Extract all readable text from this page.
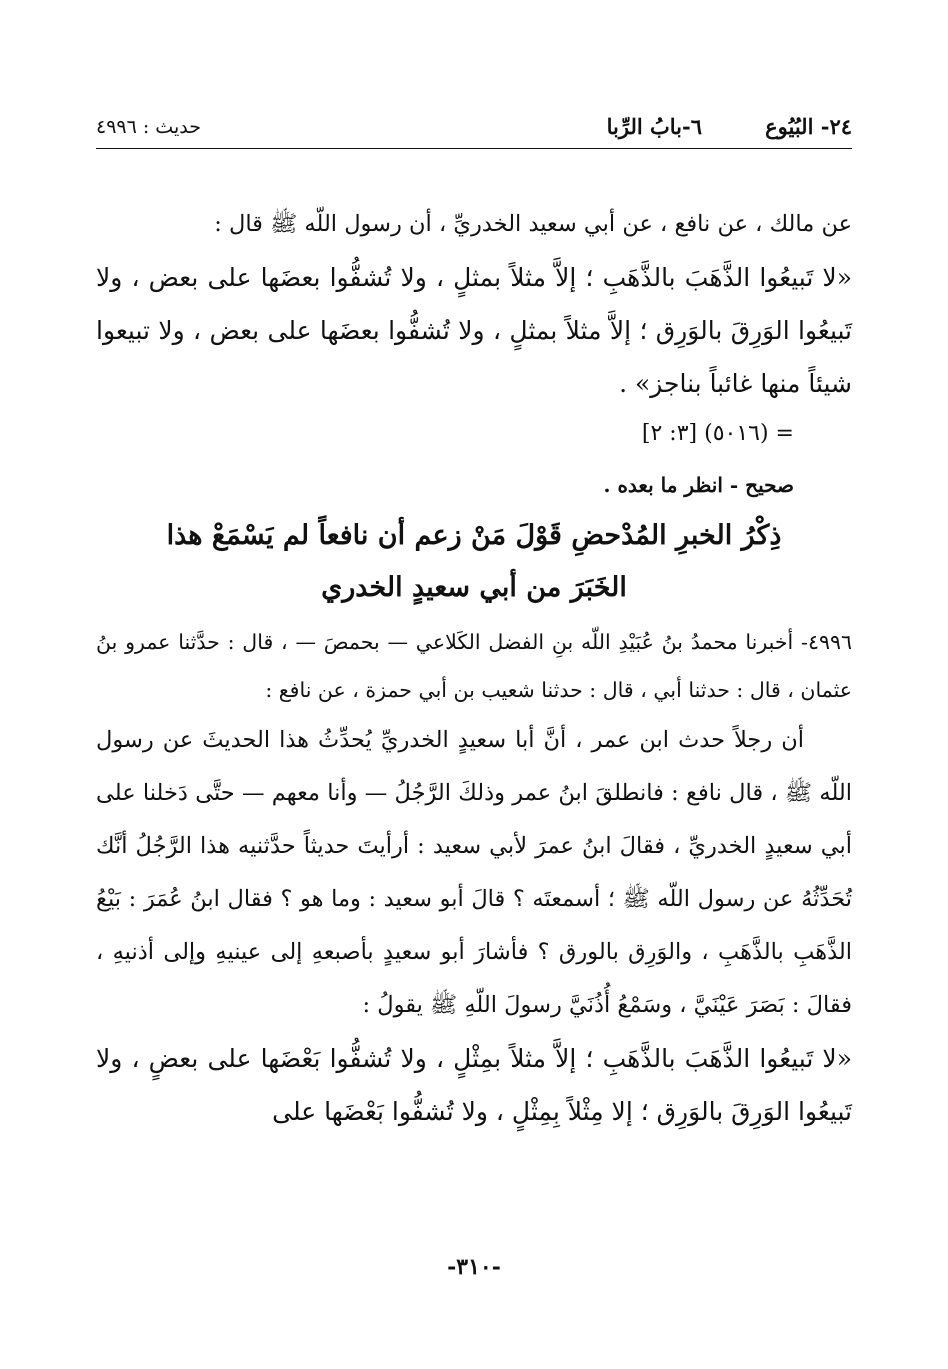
٢٤- البُيُوع
٦-بابُ الرِّبا
حديث : ٤٩٩٦

عن مالك ، عن نافع ، عن أبي سعيد الخدريِّ ، أن رسول اللّه ﷺ قال :

«لا تَبيعُوا الذَّهَبَ بالذَّهَبِ ؛ إلاَّ مثلاً بمثلٍ ، ولا تُشفُّوا بعضَها على بعض ، ولا تَبيعُوا الوَرِقَ بالوَرِق ؛ إلاَّ مثلاً بمثلٍ ، ولا تُشفُّوا بعضَها على بعض ، ولا تبيعوا شيئاً منها غائباً بناجز» .

= (٥٠١٦) [٣: ٢]

صحيح - انظر ما بعده .

ذِكْرُ الخبرِ المُدْحضِ قَوْلَ مَنْ زعم أن نافعاً لم يَسْمَعْ هذا
الخَبَرَ من أبي سعيدٍ الخدري

٤٩٩٦- أخبرنا محمدُ بنُ عُبَيْدِ اللّه بنِ الفضل الكَلاعي — بحمصَ — ، قال : حدَّثنا عمرو بنُ عثمان ، قال : حدثنا أبي ، قال : حدثنا شعيب بن أبي حمزة ، عن نافع :

أن رجلاً حدث ابن عمر ، أنَّ أبا سعيدٍ الخدريِّ يُحدِّثُ هذا الحديثَ عن رسول اللّه ﷺ ، قال نافع : فانطلقَ ابنُ عمر وذلكَ الرَّجُلُ — وأنا معهم — حتَّى دَخلنا على أبي سعيدٍ الخدريِّ ، فقالَ ابنُ عمرَ لأبي سعيد : أرأيتَ حديثاً حدَّثنيه هذا الرَّجُلُ أنَّك تُحَدِّثُهُ عن رسول اللّه ﷺ ؛ أسمعتَه ؟ قالَ أبو سعيد : وما هو ؟ فقال ابنُ عُمَرَ : بَيْعُ الذَّهَبِ بالذَّهَبِ ، والوَرِق بالورق ؟ فأشارَ أبو سعيدٍ بأصبعهِ إلى عينيهِ وإلى أذنيهِ ، فقالَ : بَصَرَ عَيْنَيَّ ، وسَمْعُ أُذُنَيَّ رسولَ اللّهِ ﷺ يقولُ :

«لا تَبيعُوا الذَّهَبَ بالذَّهَبِ ؛ إلاَّ مثلاً بمِثْلٍ ، ولا تُشفُّوا بَعْضَها على بعضٍ ، ولا تَبيعُوا الوَرِقَ بالوَرِق ؛ إلا مِثْلاً بِمِثْلٍ ، ولا تُشفُّوا بَعْضَها على

-٣١٠-
